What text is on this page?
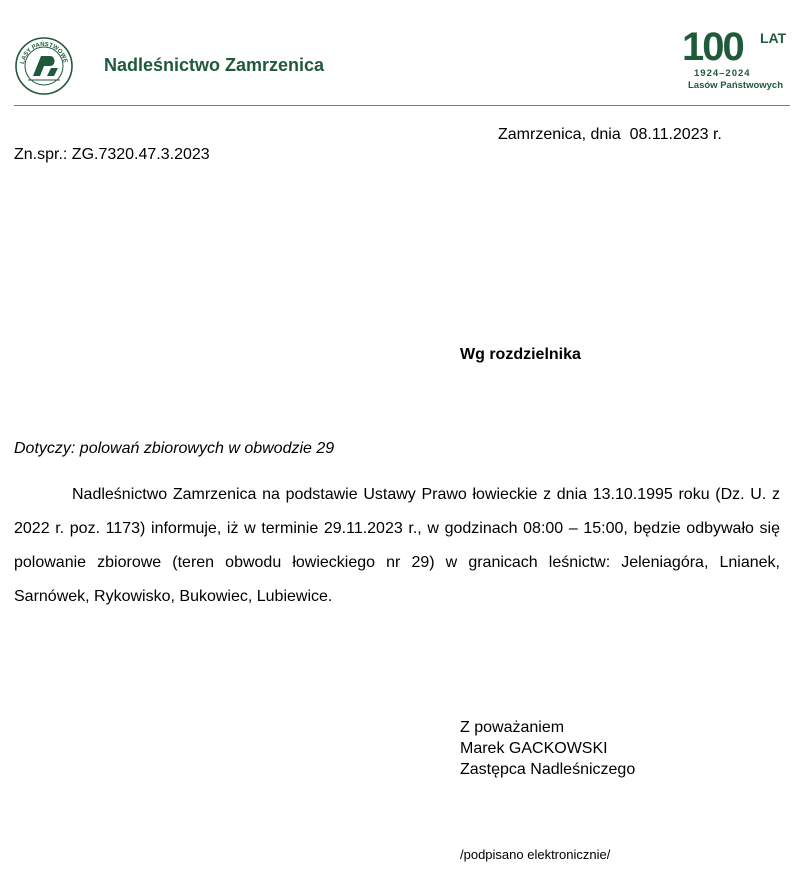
LASY PAŃSTWOWE Nadleśnictwo Zamrzenica	100 LAT
1924–2024
Lasów Państwowych
Zamrzenica, dnia  08.11.2023 r.
Zn.spr.: ZG.7320.47.3.2023
Wg rozdzielnika
Dotyczy: polowań zbiorowych w obwodzie 29
Nadleśnictwo Zamrzenica na podstawie Ustawy Prawo łowieckie z dnia 13.10.1995 roku (Dz. U. z 2022 r. poz. 1173) informuje, iż w terminie 29.11.2023 r., w godzinach 08:00 – 15:00, będzie odbywało się polowanie zbiorowe (teren obwodu łowieckiego nr 29) w granicach leśnictw: Jeleniagóra, Lnianek, Sarnówek, Rykowisko, Bukowiec, Lubiewice.
Z poważaniem
Marek GACKOWSKI
Zastępca Nadleśniczego
/podpisano elektronicznie/
